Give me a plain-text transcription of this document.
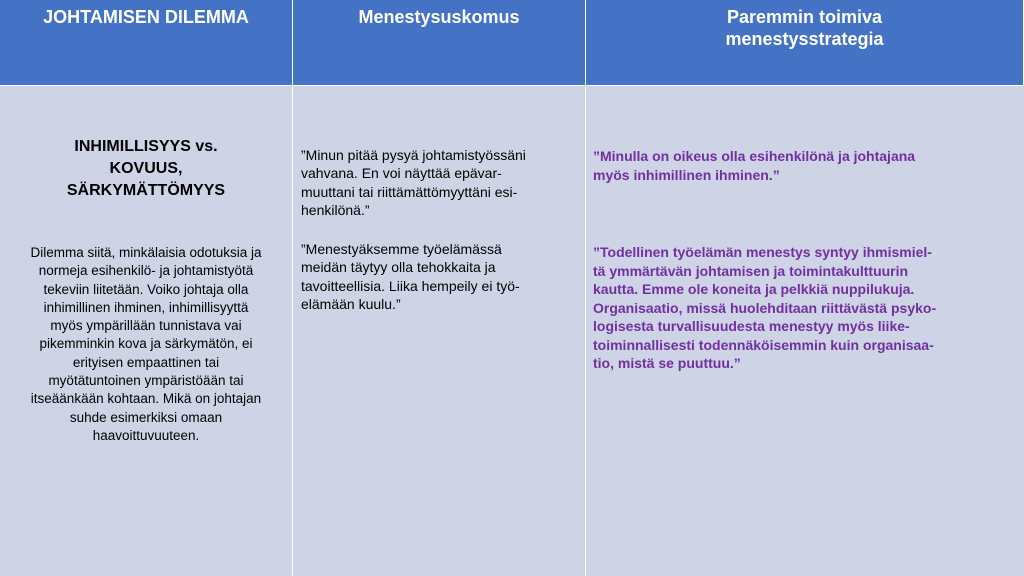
JOHTAMISEN DILEMMA	Menestysuskomus	Paremmin toimiva
menestysstrategia
INHIMILLISYYS vs.
KOVUUS,
SÄRKYMÄTTÖMYYS
Dilemma siitä, minkälaisia odotuksia ja
normeja esihenkilö- ja johtamistyötä
tekeviin liitetään. Voiko johtaja olla
inhimillinen ihminen, inhimillisyyttä
myös ympärillään tunnistava vai
pikemminkin kova ja särkymätön, ei
erityisen empaattinen tai
myötätuntoinen ympäristöään tai
itseäänkään kohtaan. Mikä on johtajan
suhde esimerkiksi omaan
haavoittuvuuteen.
”Minun pitää pysyä johtamistyössäni
vahvana. En voi näyttää epävar-
muuttani tai riittämättömyyttäni esi-
henkilönä.”
”Menestyäksemme työelämässä
meidän täytyy olla tehokkaita ja
tavoitteellisia. Liika hempeily ei työ-
elämään kuulu.”
”Minulla on oikeus olla esihenkilönä ja johtajana
myös inhimillinen ihminen.”
”Todellinen työelämän menestys syntyy ihmismiel-
tä ymmärtävän johtamisen ja toimintakulttuurin
kautta. Emme ole koneita ja pelkkiä nuppilukuja.
Organisaatio, missä huolehditaan riittävästä psyko-
logisesta turvallisuudesta menestyy myös liike-
toiminnallisesti todennäköisemmin kuin organisaa-
tio, mistä se puuttuu.”
